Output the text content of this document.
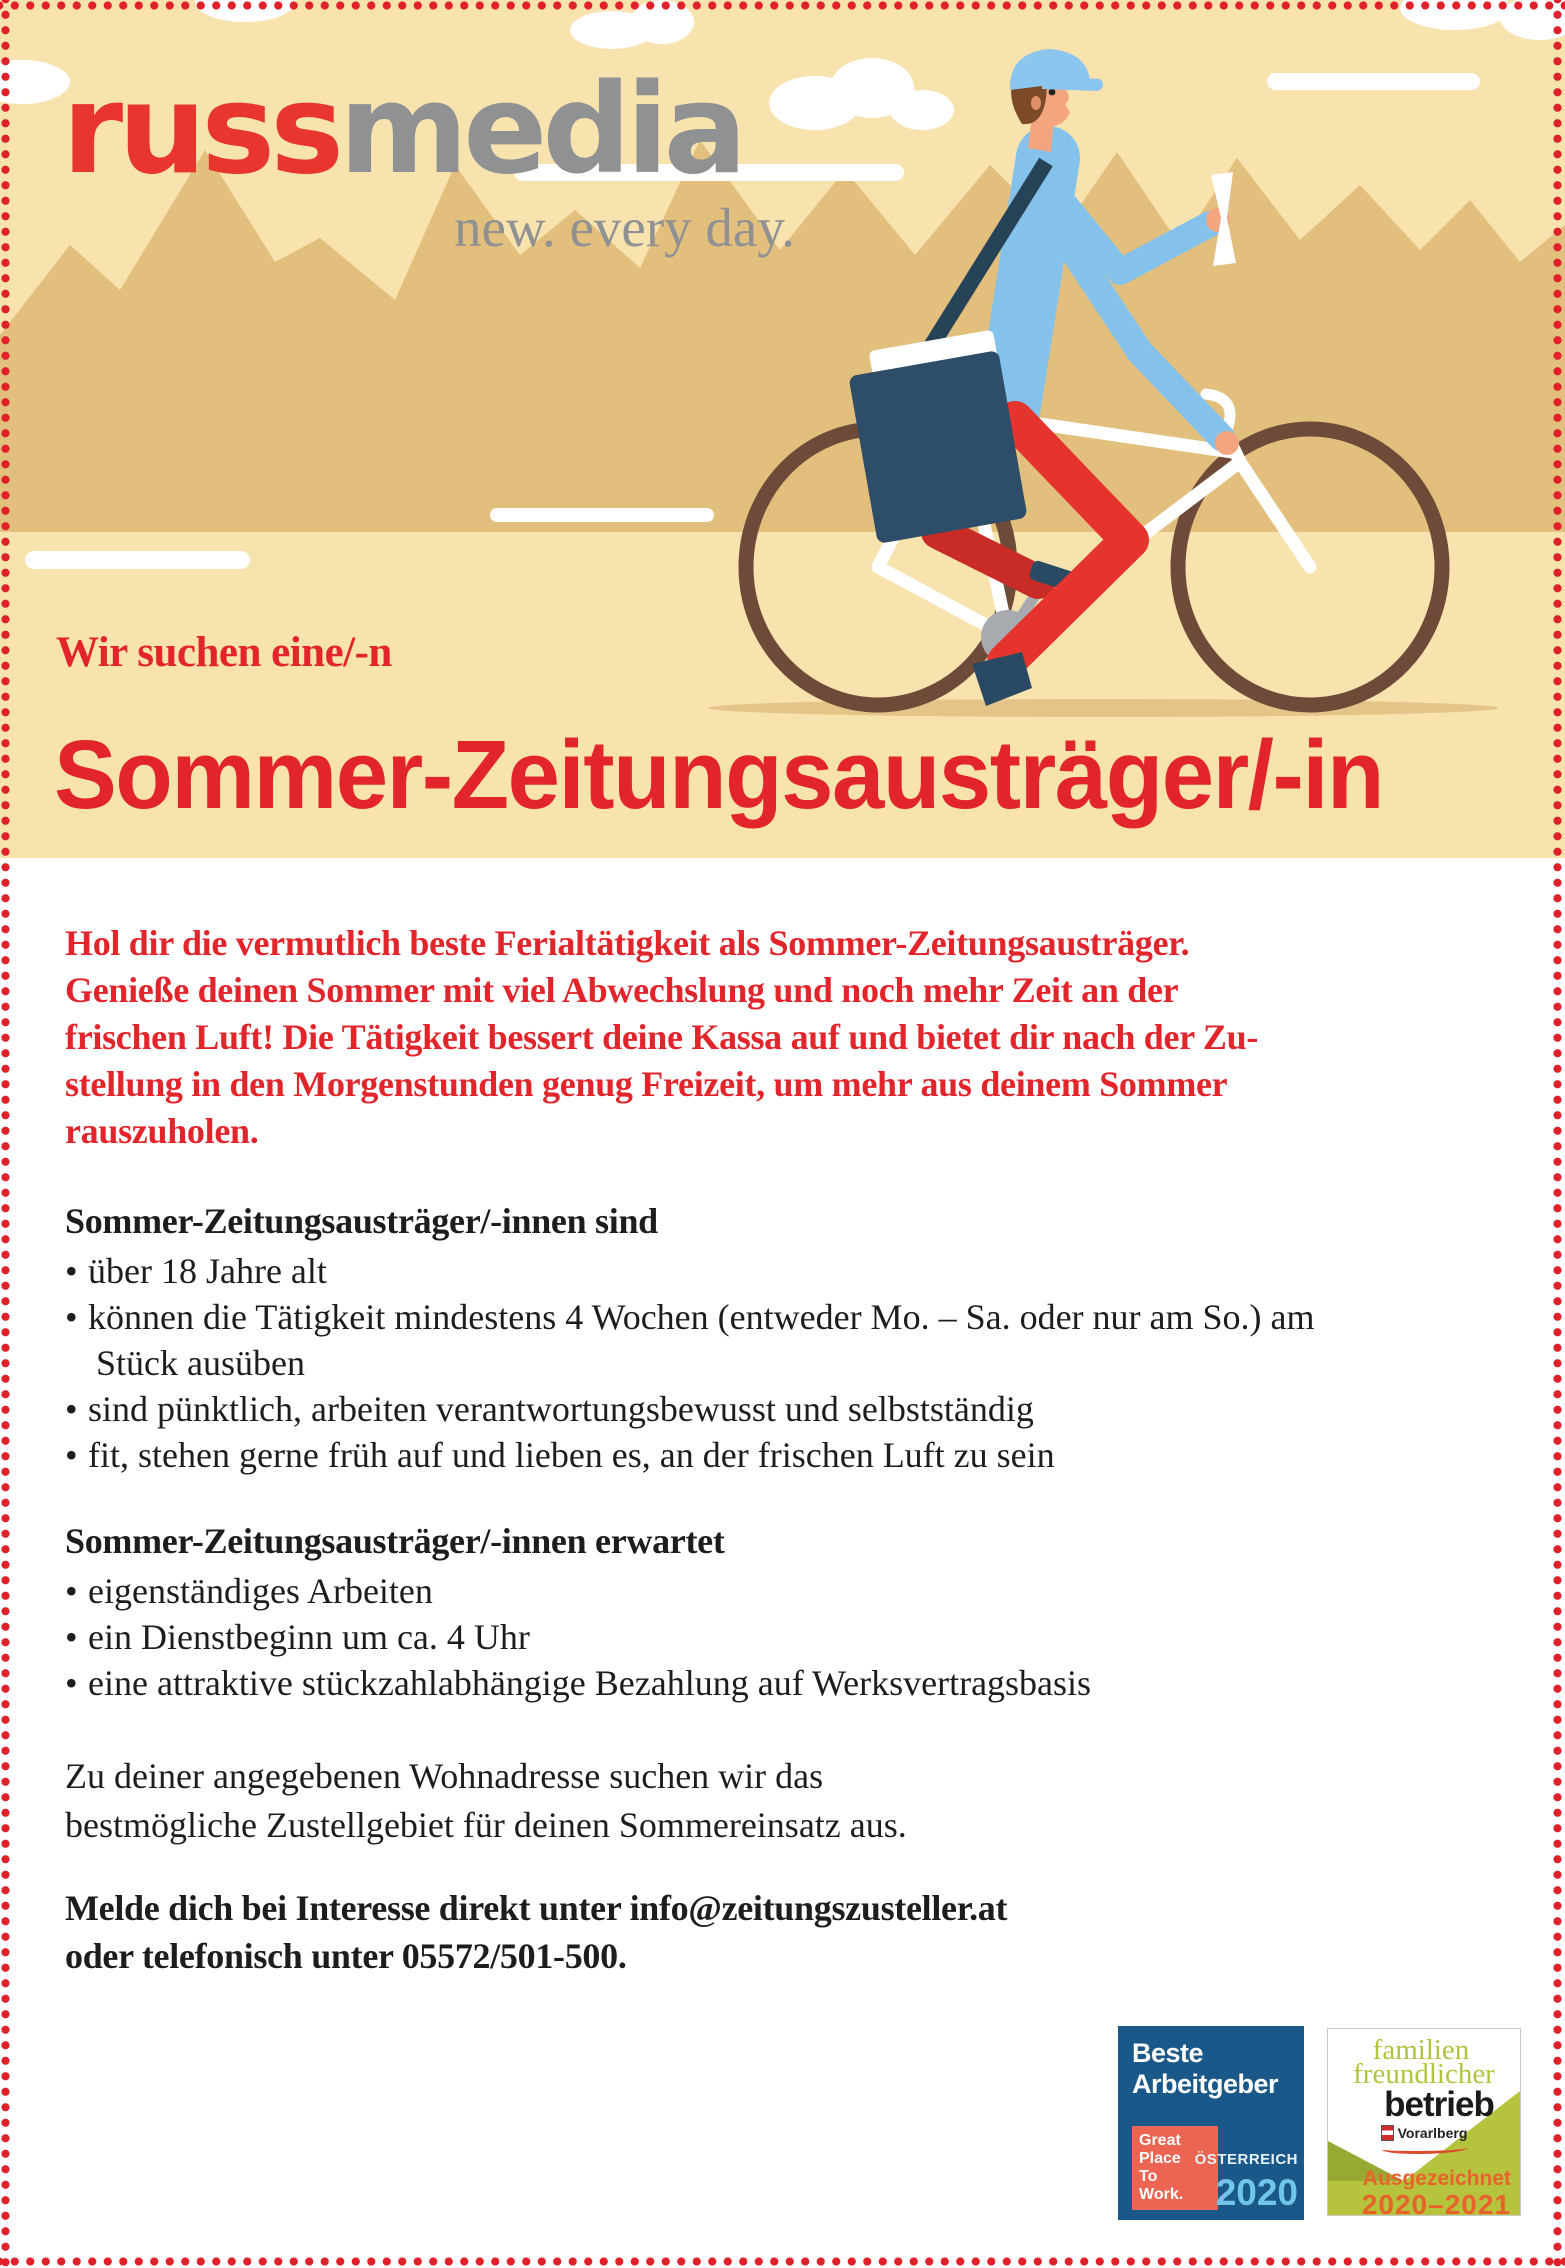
russmedia
new. every day.
Wir suchen eine/-n
Sommer-Zeitungsausträger/-in
Hol dir die vermutlich beste Ferialtätigkeit als Sommer-Zeitungsausträger.
Genieße deinen Sommer mit viel Abwechslung und noch mehr Zeit an der
frischen Luft! Die Tätigkeit bessert deine Kassa auf und bietet dir nach der Zu-
stellung in den Morgenstunden genug Freizeit, um mehr aus deinem Sommer
rauszuholen.
Sommer-Zeitungsausträger/-innen sind
• über 18 Jahre alt
• können die Tätigkeit mindestens 4 Wochen (entweder Mo. – Sa. oder nur am So.) am
Stück ausüben
• sind pünktlich, arbeiten verantwortungsbewusst und selbstständig
• fit, stehen gerne früh auf und lieben es, an der frischen Luft zu sein
Sommer-Zeitungsausträger/-innen erwartet
• eigenständiges Arbeiten
• ein Dienstbeginn um ca. 4 Uhr
• eine attraktive stückzahlabhängige Bezahlung auf Werksvertragsbasis
Zu deiner angegebenen Wohnadresse suchen wir das
bestmögliche Zustellgebiet für deinen Sommereinsatz aus.
Melde dich bei Interesse direkt unter info@zeitungszusteller.at
oder telefonisch unter 05572/501-500.
Beste
Arbeitgeber
Great
Place
To
Work.
ÖSTERREICH
2020
familien
freundlicher
betrieb
Vorarlberg
Ausgezeichnet
2020–2021
